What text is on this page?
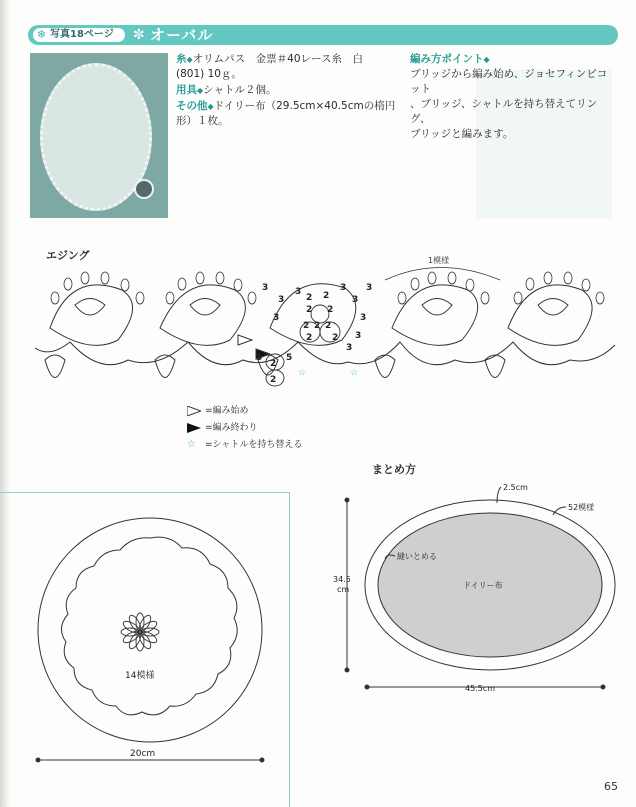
❄ 写真18ページ ✼ オーバル
糸◆オリムパス　金票＃40レース糸　白
(801) 10ｇ。
用具◆シャトル２個。
その他◆ドイリー布（29.5cm×40.5cmの楕円
形）１枚。
編み方ポイント◆
ブリッジから編み始め、ジョセフィンピコット
、ブリッジ、シャトルを持ち替えてリング、
ブリッジと編みます。
エジング	1模様
☆	☆
3
3
3	3
3
3
3
3
2 2
2 2
2 2 2
2 2
2
2
5	5
3
3
=編み始め
=編み終わり
☆ =シャトルを持ち替える
まとめ方
14模様
20cm
ドイリー布
縫いとめる
2.5cm
52模様
34.5
cm
45.5cm
65
